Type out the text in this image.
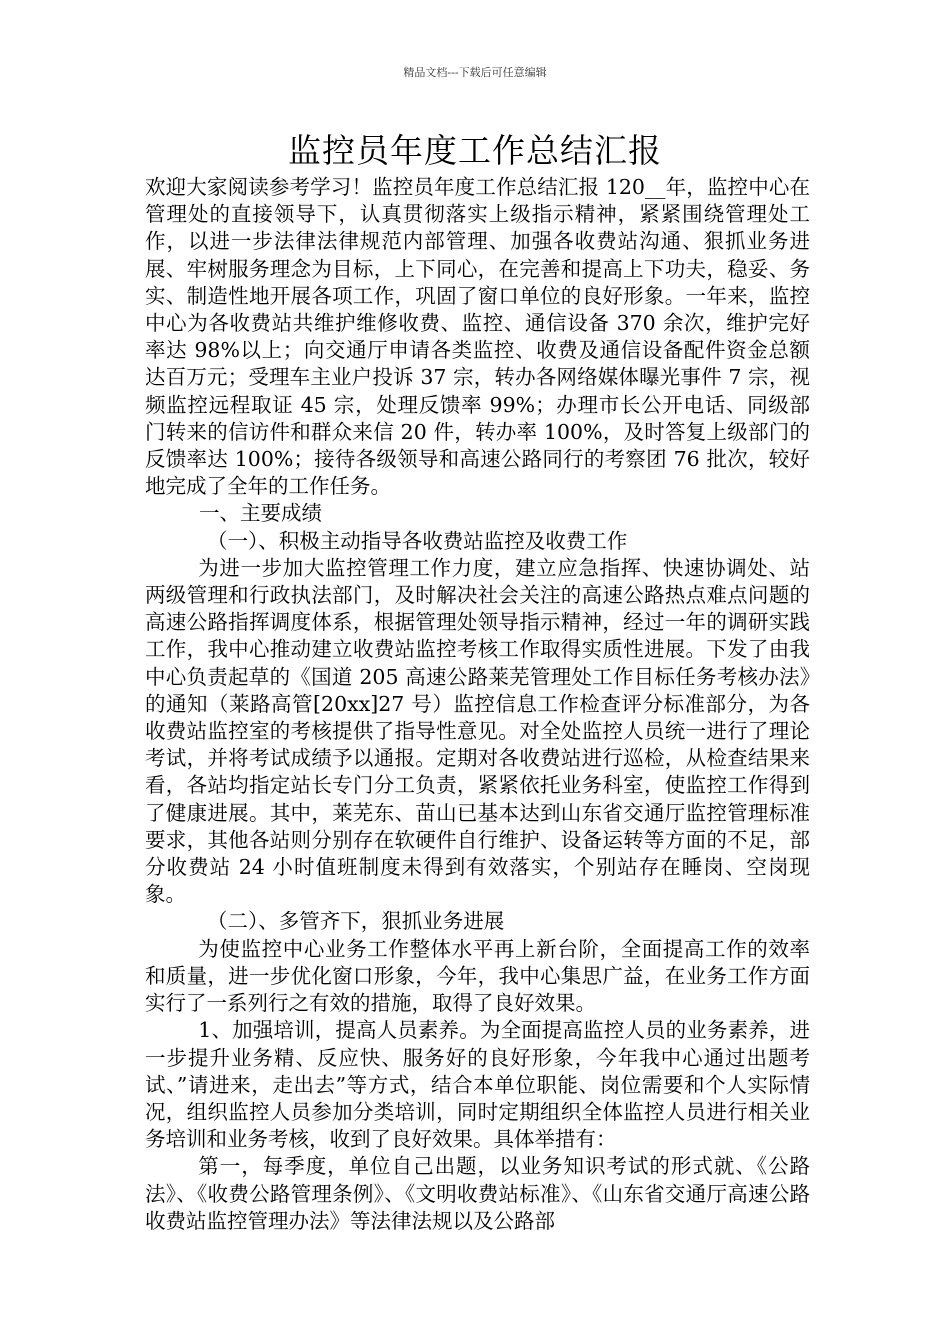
精品文档---下载后可任意编辑
监控员年度工作总结汇报

欢迎大家阅读参考学习！监控员年度工作总结汇报 120__年，监控中心在管理处的直接领导下，认真贯彻落实上级指示精神，紧紧围绕管理处工作，以进一步法律法律规范内部管理、加强各收费站沟通、狠抓业务进展、牢树服务理念为目标，上下同心，在完善和提高上下功夫，稳妥、务实、制造性地开展各项工作，巩固了窗口单位的良好形象。一年来，监控中心为各收费站共维护维修收费、监控、通信设备 370 余次，维护完好率达 98%以上；向交通厅申请各类监控、收费及通信设备配件资金总额达百万元；受理车主业户投诉 37 宗，转办各网络媒体曝光事件 7 宗，视频监控远程取证 45 宗，处理反馈率 99%；办理市长公开电话、同级部门转来的信访件和群众来信 20 件，转办率 100%，及时答复上级部门的反馈率达 100%；接待各级领导和高速公路同行的考察团 76 批次，较好地完成了全年的工作任务。

一、主要成绩

（一）、积极主动指导各收费站监控及收费工作

为进一步加大监控管理工作力度，建立应急指挥、快速协调处、站两级管理和行政执法部门，及时解决社会关注的高速公路热点难点问题的高速公路指挥调度体系，根据管理处领导指示精神，经过一年的调研实践工作，我中心推动建立收费站监控考核工作取得实质性进展。下发了由我中心负责起草的《国道 205 高速公路莱芜管理处工作目标任务考核办法》的通知（莱路高管[20xx]27 号）监控信息工作检查评分标准部分，为各收费站监控室的考核提供了指导性意见。对全处监控人员统一进行了理论考试，并将考试成绩予以通报。定期对各收费站进行巡检，从检查结果来看，各站均指定站长专门分工负责，紧紧依托业务科室，使监控工作得到了健康进展。其中，莱芜东、苗山已基本达到山东省交通厅监控管理标准要求，其他各站则分别存在软硬件自行维护、设备运转等方面的不足，部分收费站 24 小时值班制度未得到有效落实，个别站存在睡岗、空岗现象。

（二）、多管齐下，狠抓业务进展

为使监控中心业务工作整体水平再上新台阶，全面提高工作的效率和质量，进一步优化窗口形象，今年，我中心集思广益，在业务工作方面实行了一系列行之有效的措施，取得了良好效果。

1、加强培训，提高人员素养。为全面提高监控人员的业务素养，进一步提升业务精、反应快、服务好的良好形象，今年我中心通过出题考试、”请进来，走出去”等方式，结合本单位职能、岗位需要和个人实际情况，组织监控人员参加分类培训，同时定期组织全体监控人员进行相关业务培训和业务考核，收到了良好效果。具体举措有：

第一，每季度，单位自己出题，以业务知识考试的形式就、《公路法》、《收费公路管理条例》、《文明收费站标准》、《山东省交通厅高速公路收费站监控管理办法》等法律法规以及公路部
